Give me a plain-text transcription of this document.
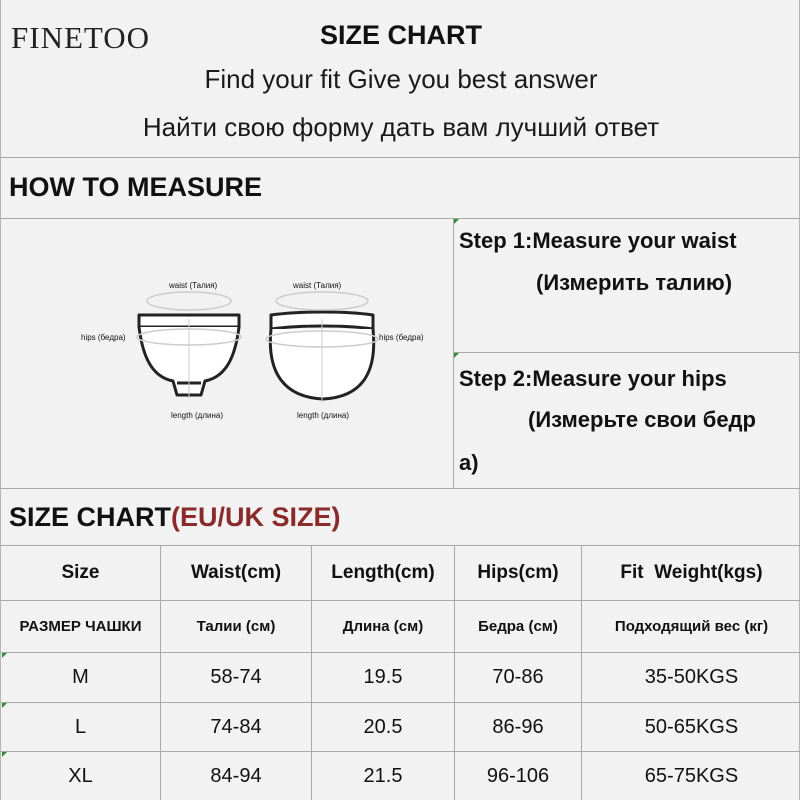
FINETOO	SIZE CHART
Find your fit Give you best answer
Найти свою форму дать вам лучший ответ
HOW TO MEASURE
waist (Талия)	waist (Талия)
hips (бедра)	hips (бедра)
length (длина)	length (длина)
Step 1:Measure your waist
(Измерить талию)
Step 2:Measure your hips
(Измерьте свои бедр
а)
SIZE CHART(EU/UK SIZE)
Size	Waist(cm)	Length(cm)	Hips(cm)	Fit  Weight(kgs)
РАЗМЕР ЧАШКИ	Талии (см)	Длина (см)	Бедра (см)	Подходящий вес (кг)
M	58-74	19.5	70-86	35-50KGS
L	74-84	20.5	86-96	50-65KGS
XL	84-94	21.5	96-106	65-75KGS
